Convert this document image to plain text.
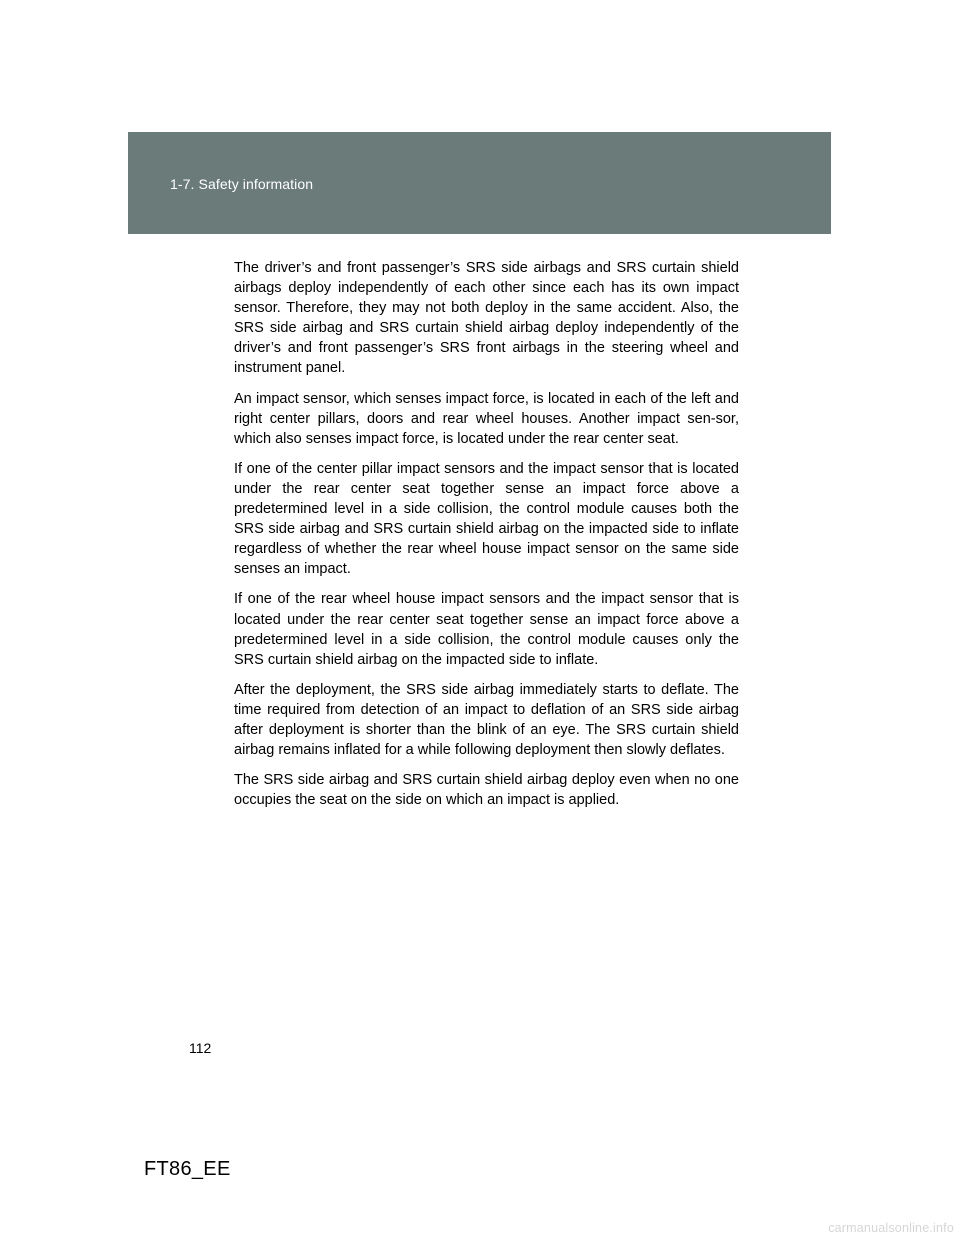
1-7. Safety information

The driver’s and front passenger’s SRS side airbags and SRS curtain shield airbags deploy independently of each other since each has its own impact sensor. Therefore, they may not both deploy in the same accident. Also, the SRS side airbag and SRS curtain shield airbag deploy independently of the driver’s and front passenger’s SRS front airbags in the steering wheel and instrument panel.

An impact sensor, which senses impact force, is located in each of the left and right center pillars, doors and rear wheel houses. Another impact sen-sor, which also senses impact force, is located under the rear center seat.

If one of the center pillar impact sensors and the impact sensor that is located under the rear center seat together sense an impact force above a predetermined level in a side collision, the control module causes both the SRS side airbag and SRS curtain shield airbag on the impacted side to inflate regardless of whether the rear wheel house impact sensor on the same side senses an impact.

If one of the rear wheel house impact sensors and the impact sensor that is located under the rear center seat together sense an impact force above a predetermined level in a side collision, the control module causes only the SRS curtain shield airbag on the impacted side to inflate.

After the deployment, the SRS side airbag immediately starts to deflate. The time required from detection of an impact to deflation of an SRS side airbag after deployment is shorter than the blink of an eye. The SRS curtain shield airbag remains inflated for a while following deployment then slowly deflates.

The SRS side airbag and SRS curtain shield airbag deploy even when no one occupies the seat on the side on which an impact is applied.

112
FT86_EE
carmanualsonline.info
